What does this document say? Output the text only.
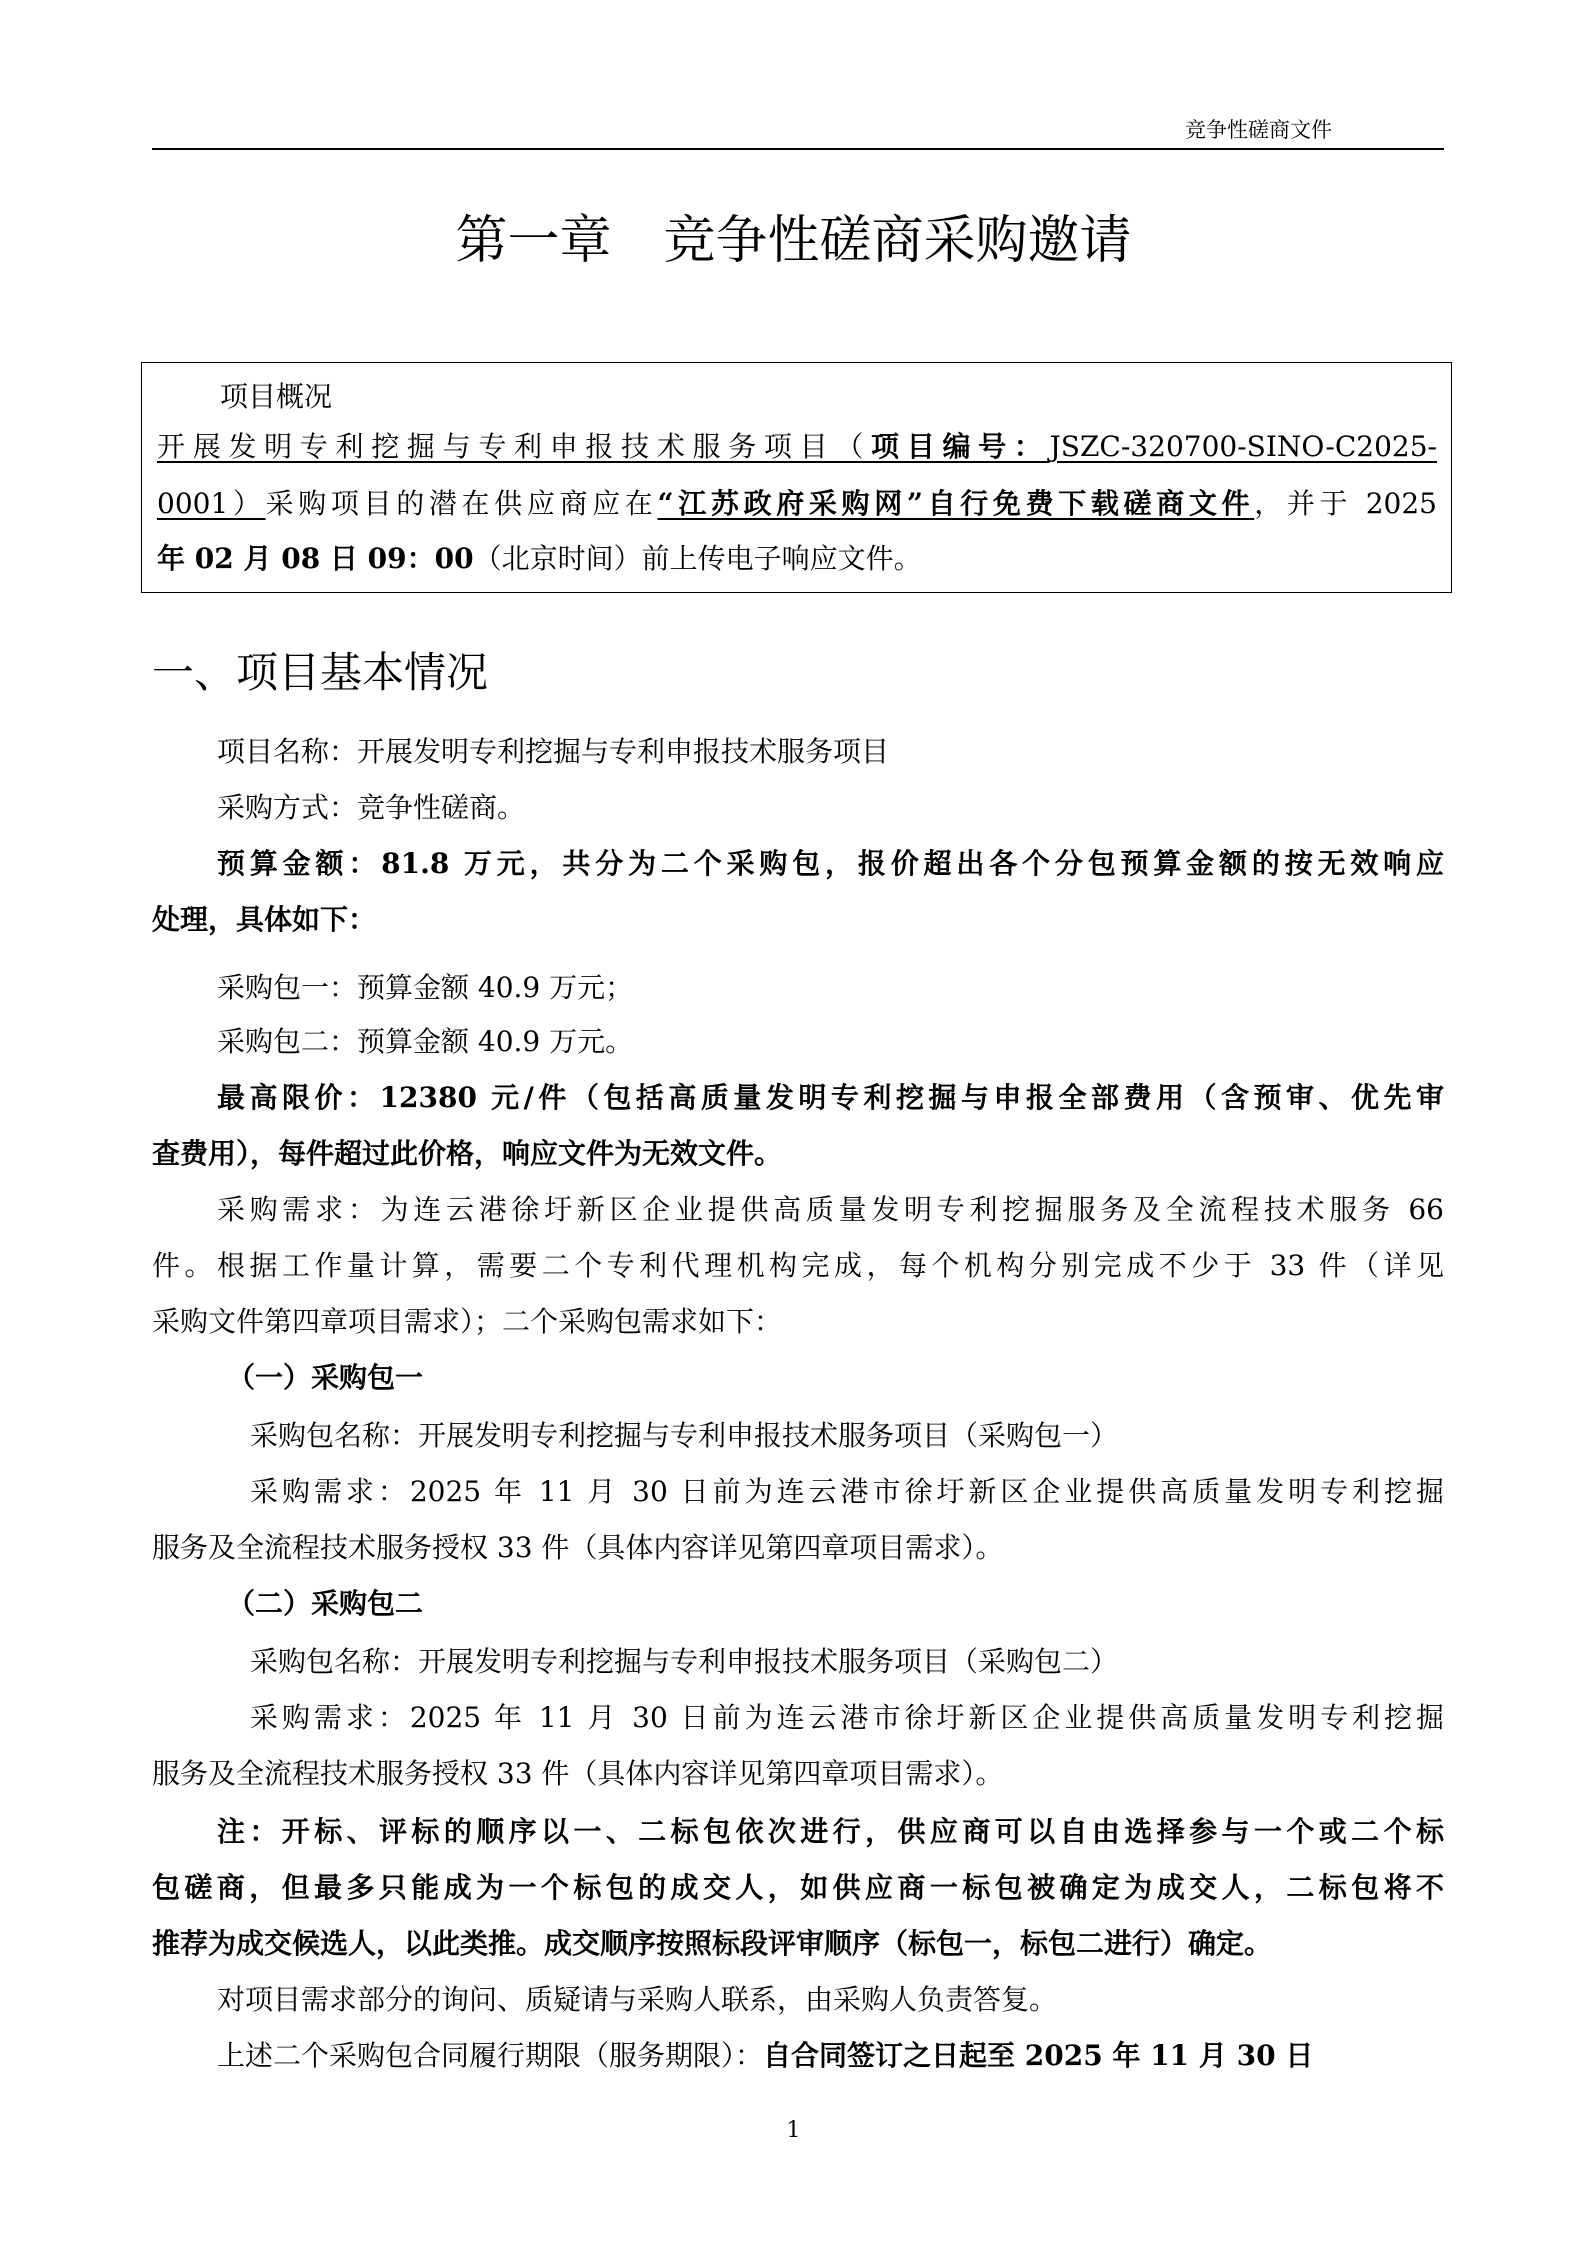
竞争性磋商文件
第一章　竞争性磋商采购邀请
项目概况
开展发明专利挖掘与专利申报技术服务项目（项目编号：JSZC-320700-SINO-C2025-
0001）采购项目的潜在供应商应在“江苏政府采购网”自行免费下载磋商文件，并于 2025
年 02 月 08 日 09：00（北京时间）前上传电子响应文件。
一、项目基本情况
项目名称：开展发明专利挖掘与专利申报技术服务项目
采购方式：竞争性磋商。
预算金额：81.8 万元，共分为二个采购包，报价超出各个分包预算金额的按无效响应
处理，具体如下：
采购包一：预算金额 40.9 万元；
采购包二：预算金额 40.9 万元。
最高限价：12380 元/件（包括高质量发明专利挖掘与申报全部费用（含预审、优先审
查费用），每件超过此价格，响应文件为无效文件。
采购需求：为连云港徐圩新区企业提供高质量发明专利挖掘服务及全流程技术服务 66
件。根据工作量计算，需要二个专利代理机构完成，每个机构分别完成不少于 33 件（详见
采购文件第四章项目需求）；二个采购包需求如下：
（一）采购包一
采购包名称：开展发明专利挖掘与专利申报技术服务项目（采购包一）
采购需求：2025 年 11 月 30 日前为连云港市徐圩新区企业提供高质量发明专利挖掘
服务及全流程技术服务授权 33 件（具体内容详见第四章项目需求）。
（二）采购包二
采购包名称：开展发明专利挖掘与专利申报技术服务项目（采购包二）
采购需求：2025 年 11 月 30 日前为连云港市徐圩新区企业提供高质量发明专利挖掘
服务及全流程技术服务授权 33 件（具体内容详见第四章项目需求）。
注：开标、评标的顺序以一、二标包依次进行，供应商可以自由选择参与一个或二个标
包磋商，但最多只能成为一个标包的成交人，如供应商一标包被确定为成交人，二标包将不
推荐为成交候选人，以此类推。成交顺序按照标段评审顺序（标包一，标包二进行）确定。
对项目需求部分的询问、质疑请与采购人联系，由采购人负责答复。
上述二个采购包合同履行期限（服务期限）：自合同签订之日起至 2025 年 11 月 30 日
1
